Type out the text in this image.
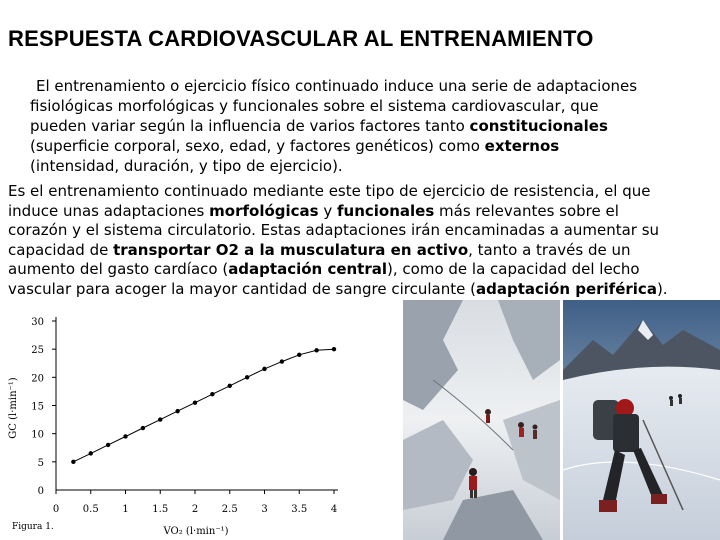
RESPUESTA CARDIOVASCULAR AL ENTRENAMIENTO
El entrenamiento o ejercicio físico continuado induce una serie de adaptaciones
fisiológicas morfológicas y funcionales sobre el sistema cardiovascular, que
pueden variar según la influencia de varios factores tanto constitucionales
(superficie corporal, sexo, edad, y factores genéticos) como externos
(intensidad, duración, y tipo de ejercicio).
Es el entrenamiento continuado mediante este tipo de ejercicio de resistencia, el que
induce unas adaptaciones morfológicas y funcionales más relevantes sobre el
corazón y el sistema circulatorio. Estas adaptaciones irán encaminadas a aumentar su
capacidad de transportar O2 a la musculatura en activo, tanto a través de un
aumento del gasto cardíaco (adaptación central), como de la capacidad del lecho
vascular para acoger la mayor cantidad de sangre circulante (adaptación periférica).
0 0.5 1 1.5 2 2.5 3 3.5 4
0
5
10
15
20
25
30
GC (l·min⁻¹)
VO₂ (l·min⁻¹)
Figura 1.
